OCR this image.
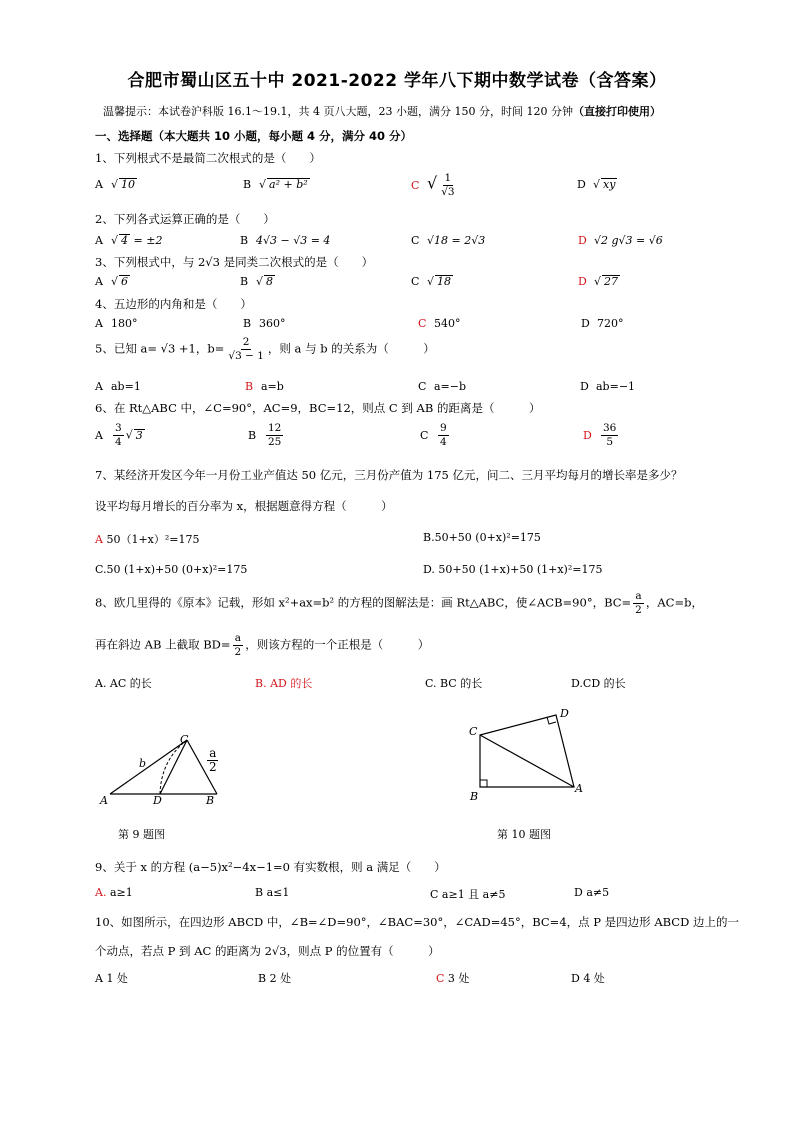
合肥市蜀山区五十中 2021-2022 学年八下期中数学试卷（含答案）
温馨提示：本试卷沪科版 16.1～19.1，共 4 页八大题，23 小题，满分 150 分，时间 120 分钟（直接打印使用）
一、选择题（本大题共 10 小题，每小题 4 分，满分 40 分）
1、下列根式不是最简二次根式的是（　　）
A √ 10	B √ a² + b²	C √ $\frac{1}{√3}$	D √ xy
2、下列各式运算正确的是（　　）
A √ 4 = ±2	B 4√3 − √3 = 4	C √18 = 2√3	D √2 g√3 = √6
3、下列根式中，与 2√3 是同类二次根式的是（　　）
A √ 6	B √ 8	C √ 18	D √ 27
4、五边形的内角和是（　　）
A 180°	B 360°	C 540°	D 720°
5、已知 a= √3 +1，$b= \frac{2}{√3 - 1}$ ，则 a 与 b 的关系为（　　　）
A ab=1	B a=b	C a=−b	D ab=−1
6、在 Rt△ABC 中，∠C=90°，AC=9，BC=12，则点 C 到 AB 的距离是（　　　）
A $\frac{3}{4}$ √ 3	B $\frac{12}{25}$	C $\frac{9}{4}$	D $\frac{36}{5}$
7、某经济开发区今年一月份工业产值达 50 亿元，三月份产值为 175 亿元，问二、三月平均每月的增长率是多少？
设平均每月增长的百分率为 x，根据题意得方程（　　　）
A 50（1+x）²=175	B.50+50 (0+x)²=175
C.50 (1+x)+50 (0+x)²=175	D. 50+50 (1+x)+50 (1+x)²=175
8、欧几里得的《原本》记载，形如 x²+ax=b² 的方程的图解法是：画 Rt△ABC，使∠ACB=90°，$BC= \frac{a}{2}$ ，AC=b，
再在斜边 AB 上截取 $BD= \frac{a}{2}$ ，则该方程的一个正根是（　　　）
A. AC 的长	B. AD 的长	C. BC 的长	D.CD 的长
A	D	B
C
b	$\frac{a}{2}$
第 9 题图
C
D
B
A
第 10 题图
9、关于 x 的方程 (a−5)x²−4x−1=0 有实数根，则 a 满足（　　）
A. a≥1	B a≤1	C a≥1 且 a≠5	D a≠5
10、如图所示，在四边形 ABCD 中，∠B=∠D=90°，∠BAC=30°，∠CAD=45°，BC=4，点 P 是四边形 ABCD 边上的一
个动点，若点 P 到 AC 的距离为 2√3，则点 P 的位置有（　　　）
A 1 处	B 2 处	C 3 处	D 4 处
